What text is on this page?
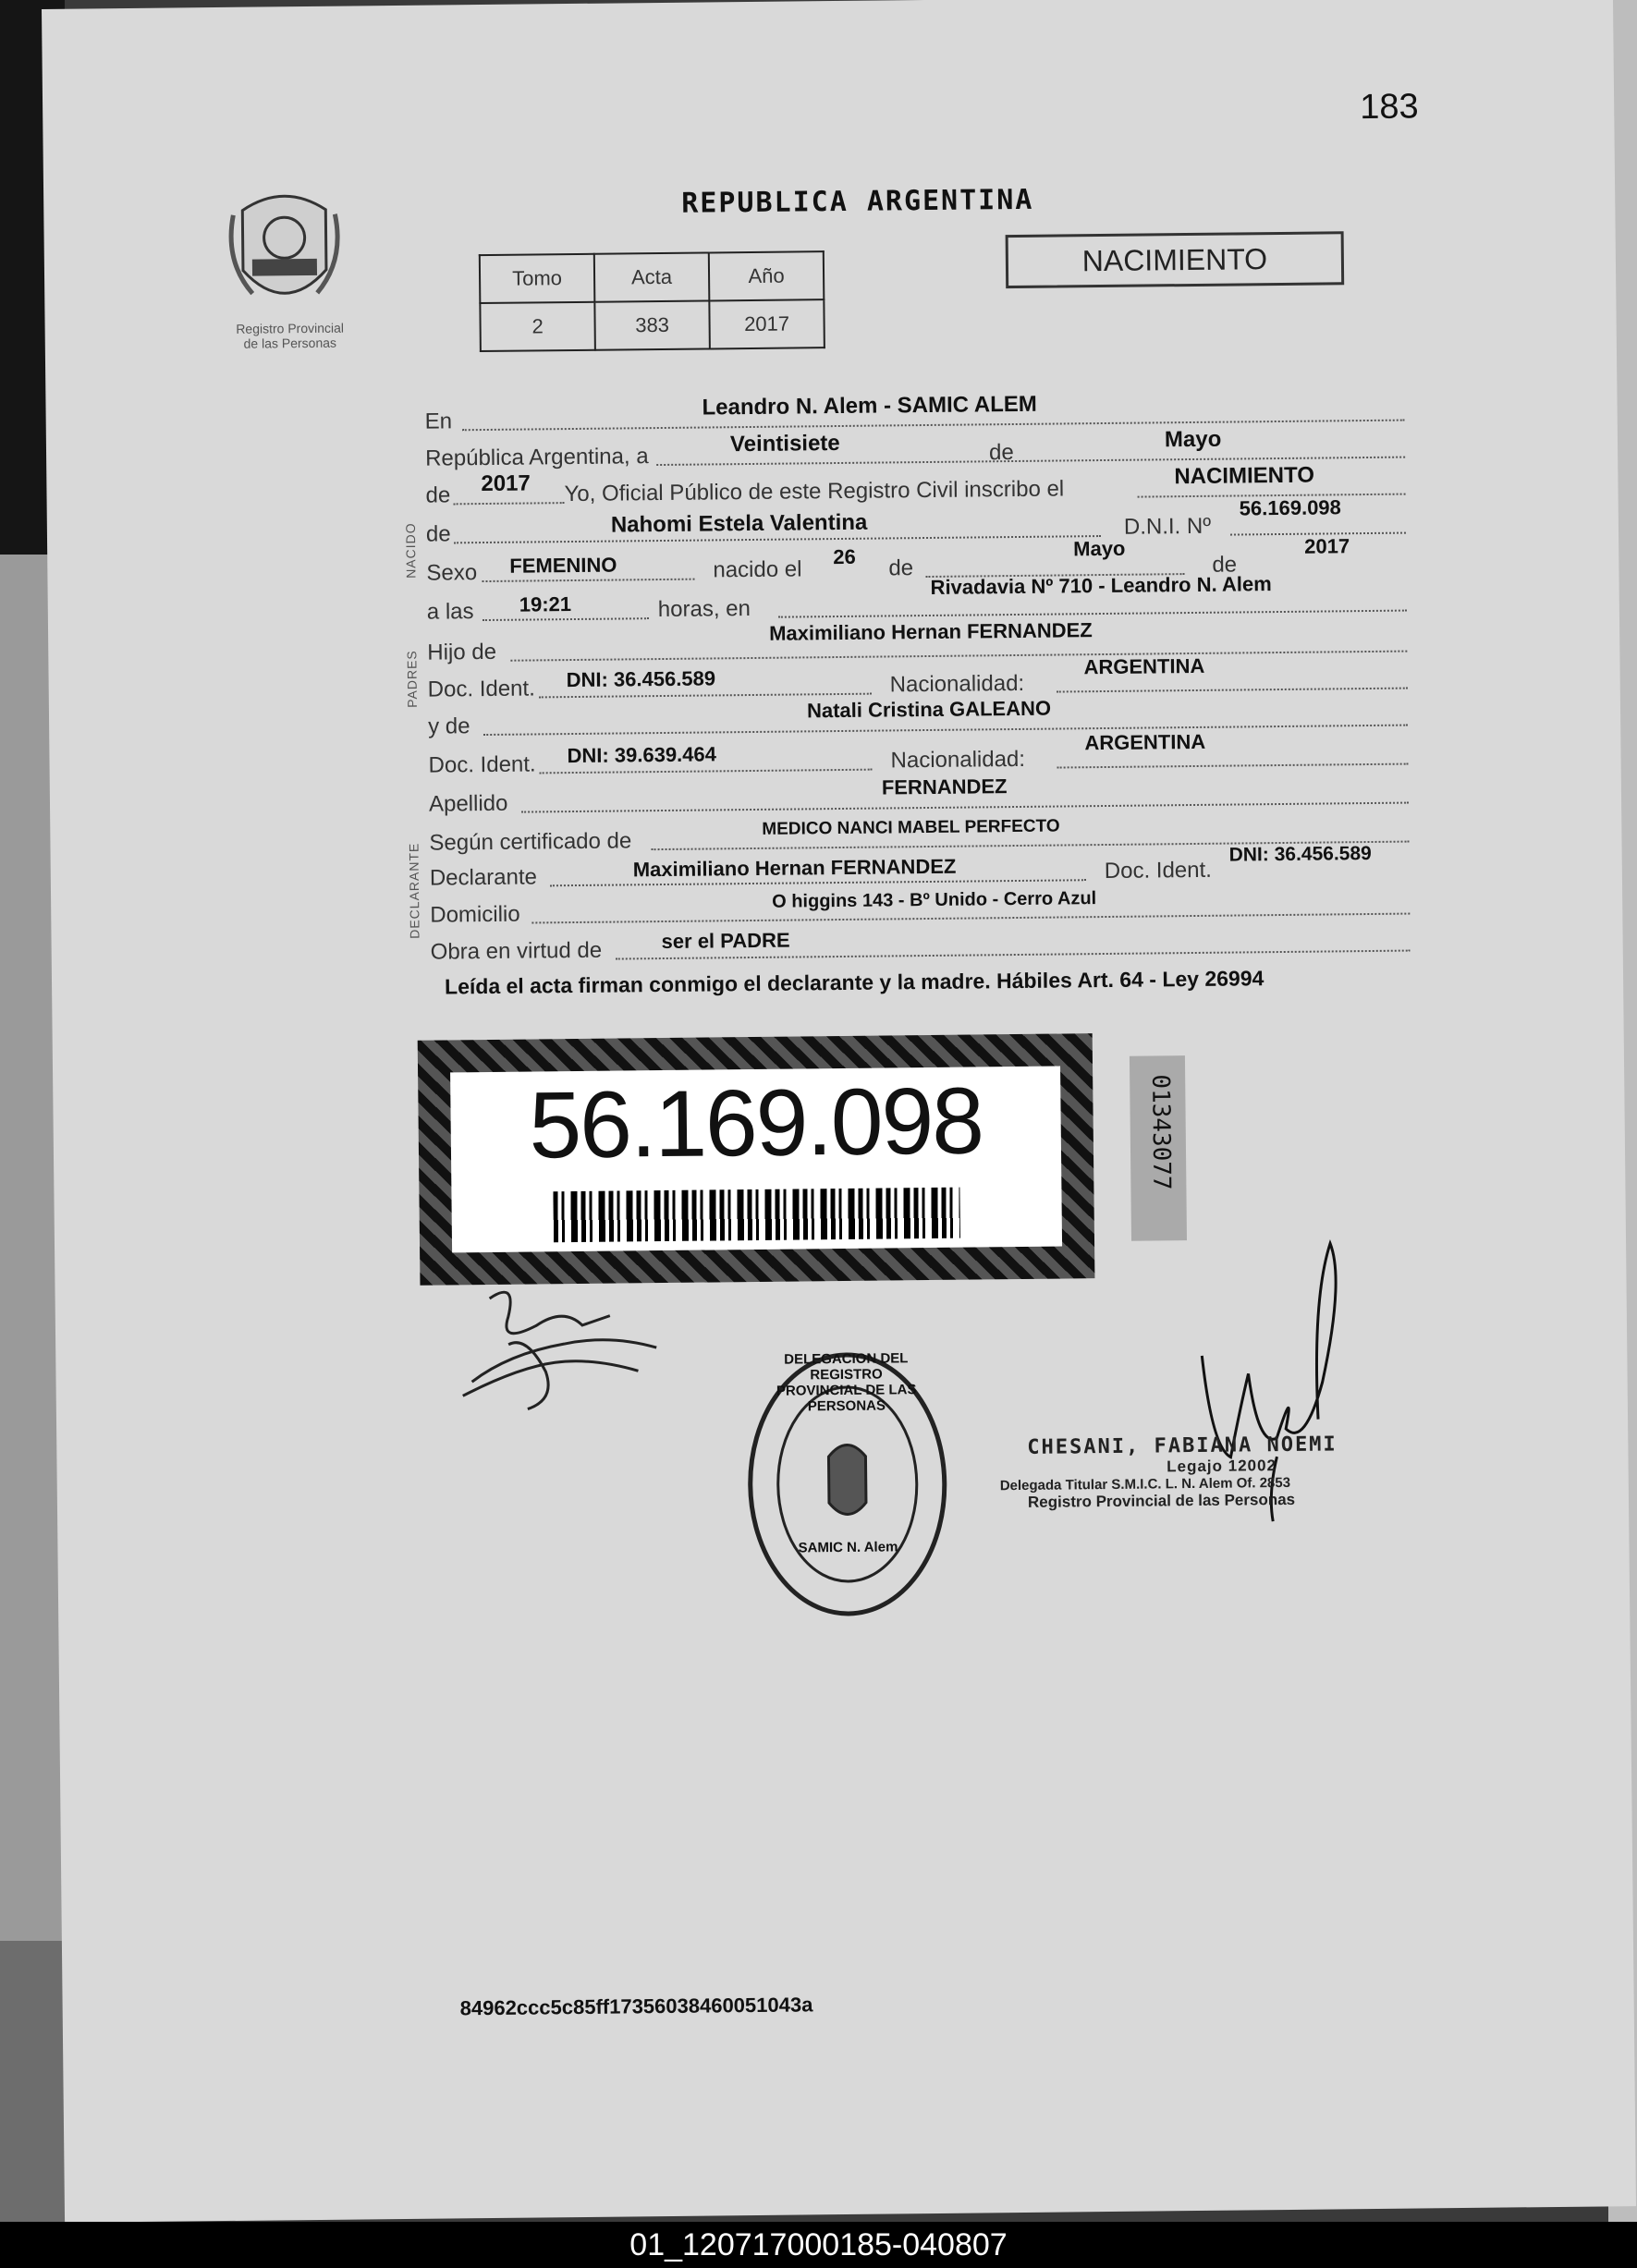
183
Registro Provincial
de las Personas
REPUBLICA ARGENTINA
Tomo	Acta	Año
2	383	2017
NACIMIENTO
NACIDO
PADRES
DECLARANTE
En
Leandro N. Alem - SAMIC ALEM
República Argentina, a
Veintisiete	de
Mayo
de 2017 Yo, Oficial Público de este Registro Civil inscribo el
NACIMIENTO
de	Nahomi Estela Valentina	D.N.I. Nº
56.169.098
Sexo FEMENINO	nacido el 26 de
Mayo
de
2017
a las 19:21	horas, en
Rivadavia Nº 710 - Leandro N. Alem
Hijo de
Maximiliano Hernan FERNANDEZ
Doc. Ident. DNI: 36.456.589	Nacionalidad:
ARGENTINA
y de
Natali Cristina GALEANO
Doc. Ident. DNI: 39.639.464	Nacionalidad:
ARGENTINA
Apellido
FERNANDEZ
Según certificado de
MEDICO NANCI MABEL PERFECTO
Declarante	Maximiliano Hernan FERNANDEZ	Doc. Ident.
DNI: 36.456.589
Domicilio
O higgins 143 - Bº Unido - Cerro Azul
Obra en virtud de	ser el PADRE
Leída el acta firman conmigo el declarante y la madre. Hábiles Art. 64 - Ley 26994
56.169.098	01343077
DELEGACION DEL REGISTRO PROVINCIAL DE LAS PERSONAS
SAMIC N. Alem
CHESANI, FABIANA NOEMI
Legajo 12002
Delegada Titular S.M.I.C. L. N. Alem Of. 2853
Registro Provincial de las Personas
84962ccc5c85ff17356038460051043a
01_120717000185-040807
